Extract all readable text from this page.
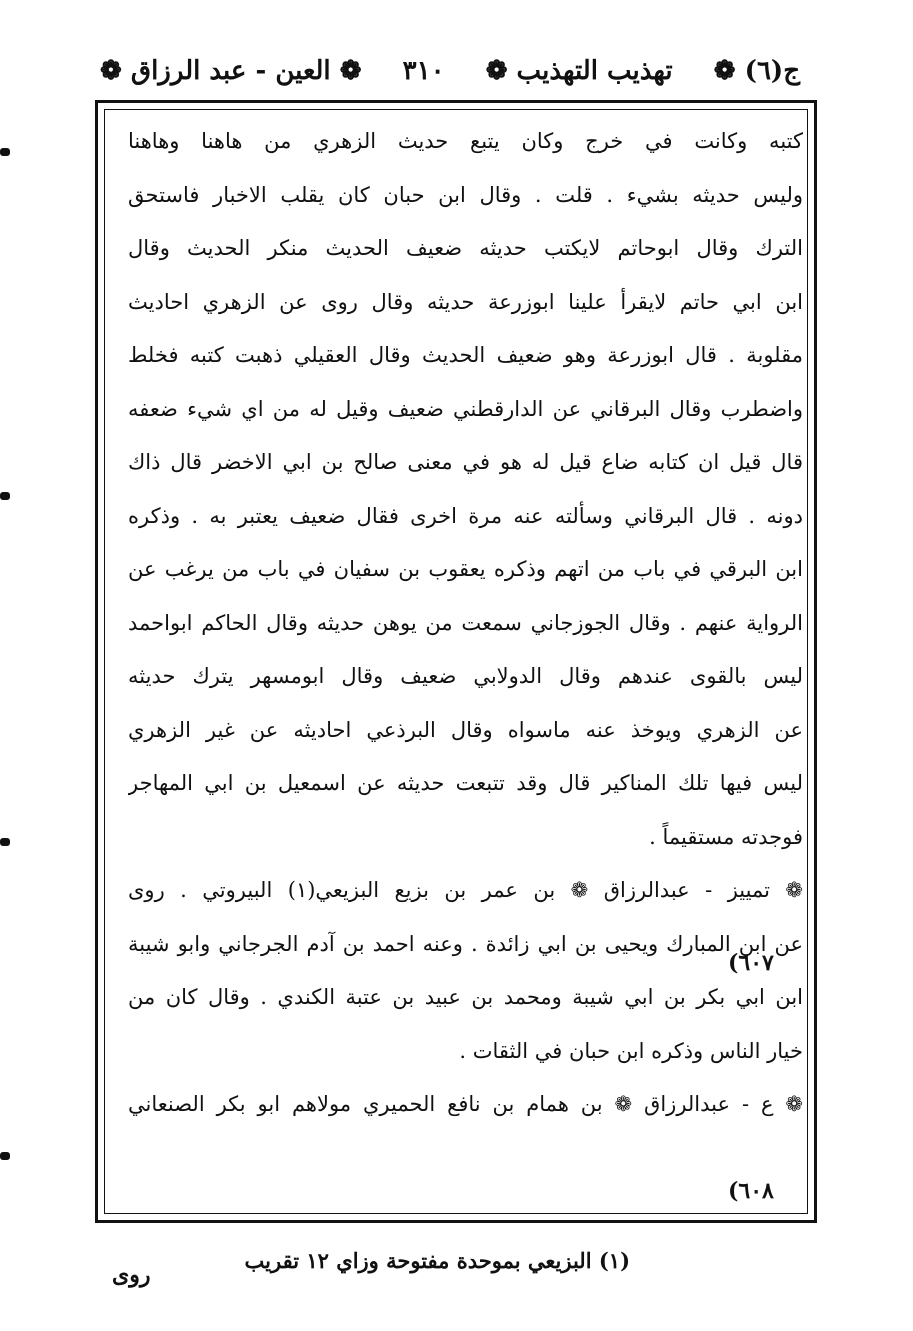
ج(٦) ❁
تهذيب التهذيب ❁
٣١٠
❁ العين - عبد الرزاق ❁
كتبه وكانت في خرج وكان يتبع حديث الزهري من هاهنا وهاهنا
وليس حديثه بشيء . قلت . وقال ابن حبان كان يقلب الاخبار فاستحق
الترك وقال ابوحاتم لايكتب حديثه ضعيف الحديث منكر الحديث وقال
ابن ابي حاتم لايقرأ علينا ابوزرعة حديثه وقال روى عن الزهري احاديث
مقلوبة . قال ابوزرعة وهو ضعيف الحديث وقال العقيلي ذهبت كتبه فخلط
واضطرب وقال البرقاني عن الدارقطني ضعيف وقيل له من اي شيء ضعفه
قال قيل ان كتابه ضاع قيل له هو في معنى صالح بن ابي الاخضر قال ذاك
دونه . قال البرقاني وسألته عنه مرة اخرى فقال ضعيف يعتبر به . وذكره
ابن البرقي في باب من اتهم وذكره يعقوب بن سفيان في باب من يرغب عن
الرواية عنهم . وقال الجوزجاني سمعت من يوهن حديثه وقال الحاكم ابواحمد
ليس بالقوى عندهم وقال الدولابي ضعيف وقال ابومسهر يترك حديثه
عن الزهري ويوخذ عنه ماسواه وقال البرذعي احاديثه عن غير الزهري
ليس فيها تلك المناكير قال وقد تتبعت حديثه عن اسمعيل بن ابي المهاجر
فوجدته مستقيماً .
❁ تمييز - عبدالرزاق ❁ بن عمر بن بزيع البزيعي(١) البيروتي . روى
عن ابن المبارك ويحيى بن ابي زائدة . وعنه احمد بن آدم الجرجاني وابو شيبة
ابن ابي بكر بن ابي شيبة ومحمد بن عبيد بن عتبة الكندي . وقال كان من
خيار الناس وذكره ابن حبان في الثقات .
❁ ع - عبدالرزاق ❁ بن همام بن نافع الحميري مولاهم ابو بكر الصنعاني
(٦٠٧
(٦٠٨
(١) البزيعي بموحدة مفتوحة وزاي ١٢ تقريب
روى
